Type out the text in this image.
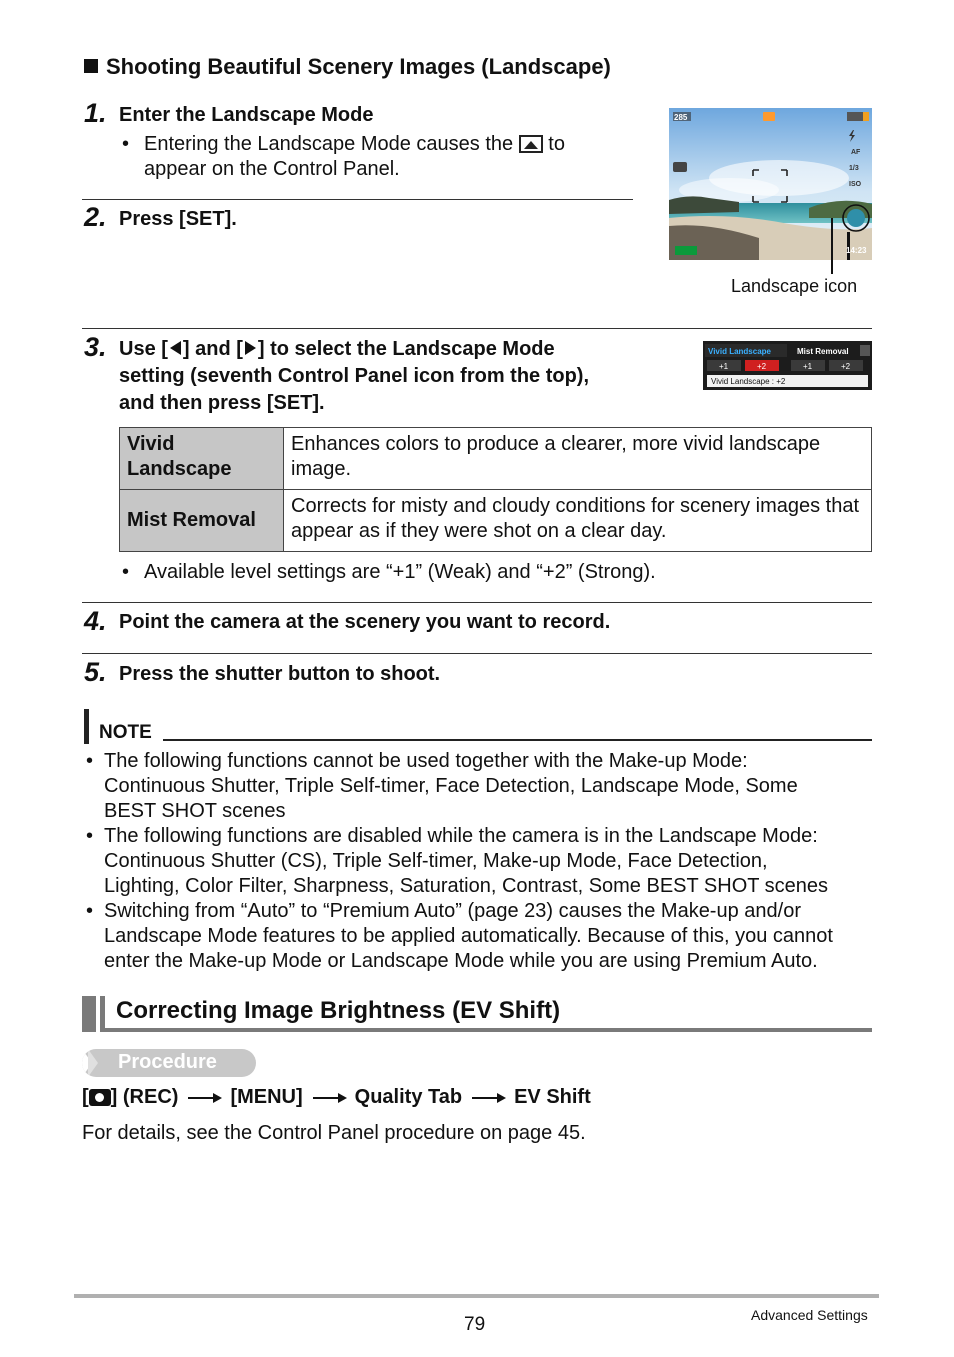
Shooting Beautiful Scenery Images (Landscape)
1. Enter the Landscape Mode
• Entering the Landscape Mode causes the to
appear on the Control Panel.
285
AF
1/3
ISO
14:23
Landscape icon
2. Press [SET].
3. Use [ ] and [ ] to select the Landscape Mode
setting (seventh Control Panel icon from the top),
and then press [SET].
Vivid Landscape	Mist Removal
+1	+2	+1	+2
Vivid Landscape : +2
Vivid Landscape	Enhances colors to produce a clearer, more vivid landscape image.
Mist Removal	Corrects for misty and cloudy conditions for scenery images that appear as if they were shot on a clear day.
• Available level settings are “+1” (Weak) and “+2” (Strong).
4. Point the camera at the scenery you want to record.
5. Press the shutter button to shoot.
NOTE
• The following functions cannot be used together with the Make-up Mode:
Continuous Shutter, Triple Self-timer, Face Detection, Landscape Mode, Some
BEST SHOT scenes
• The following functions are disabled while the camera is in the Landscape Mode:
Continuous Shutter (CS), Triple Self-timer, Make-up Mode, Face Detection,
Lighting, Color Filter, Sharpness, Saturation, Contrast, Some BEST SHOT scenes
• Switching from “Auto” to “Premium Auto” (page 23) causes the Make-up and/or
Landscape Mode features to be applied automatically. Because of this, you cannot
enter the Make-up Mode or Landscape Mode while you are using Premium Auto.
Correcting Image Brightness (EV Shift)
Procedure
[ ] (REC)	[MENU]	Quality Tab	EV Shift
For details, see the Control Panel procedure on page 45.
79	Advanced Settings
